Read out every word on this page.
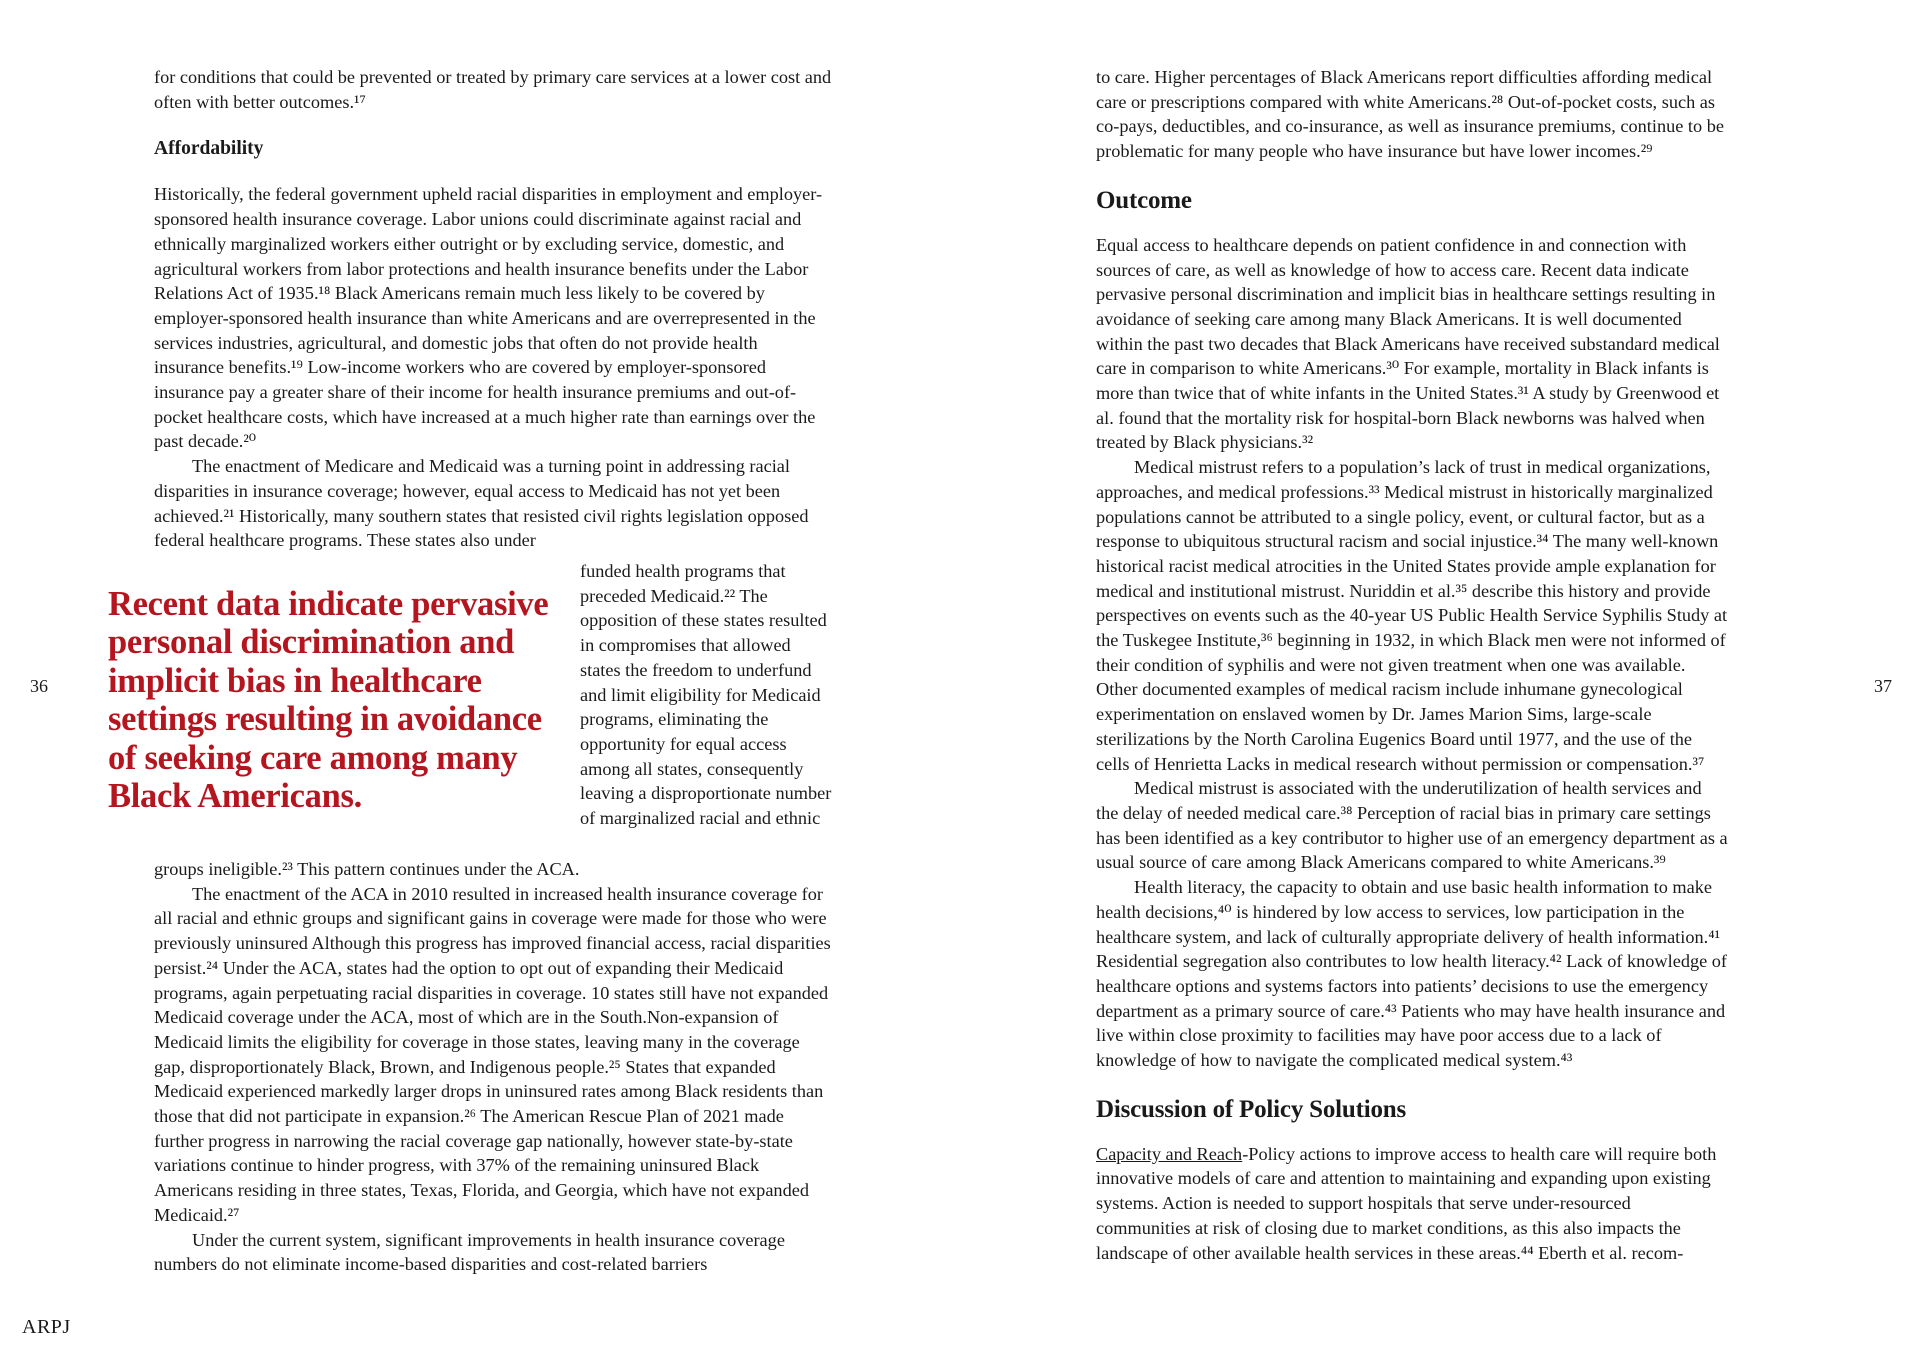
for conditions that could be prevented or treated by primary care services at a lower cost and often with better outcomes.¹⁷

Affordability

Historically, the federal government upheld racial disparities in employment and employer-sponsored health insurance coverage. Labor unions could discriminate against racial and ethnically marginalized workers either outright or by excluding service, domestic, and agricultural workers from labor protections and health insurance benefits under the Labor Relations Act of 1935.¹⁸ Black Americans remain much less likely to be covered by employer-sponsored health insurance than white Americans and are overrepresented in the services industries, agricultural, and domestic jobs that often do not provide health insurance benefits.¹⁹ Low-income workers who are covered by employer-sponsored insurance pay a greater share of their income for health insurance premiums and out-of-pocket healthcare costs, which have increased at a much higher rate than earnings over the past decade.²⁰

The enactment of Medicare and Medicaid was a turning point in addressing racial disparities in insurance coverage; however, equal access to Medicaid has not yet been achieved.²¹ Historically, many southern states that resisted civil rights legislation opposed federal healthcare programs. These states also under

funded health programs that preceded Medicaid.²² The opposition of these states resulted in compromises that allowed states the freedom to underfund and limit eligibility for Medicaid programs, eliminating the opportunity for equal access among all states, consequently leaving a disproportionate number of marginalized racial and ethnic

Recent data indicate pervasive personal discrimination and implicit bias in healthcare settings resulting in avoidance of seeking care among many Black Americans.

groups ineligible.²³ This pattern continues under the ACA.

The enactment of the ACA in 2010 resulted in increased health insurance coverage for all racial and ethnic groups and significant gains in coverage were made for those who were previously uninsured Although this progress has improved financial access, racial disparities persist.²⁴ Under the ACA, states had the option to opt out of expanding their Medicaid programs, again perpetuating racial disparities in coverage. 10 states still have not expanded Medicaid coverage under the ACA, most of which are in the South.Non-expansion of Medicaid limits the eligibility for coverage in those states, leaving many in the coverage gap, disproportionately Black, Brown, and Indigenous people.²⁵ States that expanded Medicaid experienced markedly larger drops in uninsured rates among Black residents than those that did not participate in expansion.²⁶ The American Rescue Plan of 2021 made further progress in narrowing the racial coverage gap nationally, however state-by-state variations continue to hinder progress, with 37% of the remaining uninsured Black Americans residing in three states, Texas, Florida, and Georgia, which have not expanded Medicaid.²⁷

Under the current system, significant improvements in health insurance coverage numbers do not eliminate income-based disparities and cost-related barriers

36
ARPJ

to care. Higher percentages of Black Americans report difficulties affording medical care or prescriptions compared with white Americans.²⁸ Out-of-pocket costs, such as co-pays, deductibles, and co-insurance, as well as insurance premiums, continue to be problematic for many people who have insurance but have lower incomes.²⁹

Outcome

Equal access to healthcare depends on patient confidence in and connection with sources of care, as well as knowledge of how to access care. Recent data indicate pervasive personal discrimination and implicit bias in healthcare settings resulting in avoidance of seeking care among many Black Americans. It is well documented within the past two decades that Black Americans have received substandard medical care in comparison to white Americans.³⁰ For example, mortality in Black infants is more than twice that of white infants in the United States.³¹ A study by Greenwood et al. found that the mortality risk for hospital-born Black newborns was halved when treated by Black physicians.³²

Medical mistrust refers to a population’s lack of trust in medical organizations, approaches, and medical professions.³³ Medical mistrust in historically marginalized populations cannot be attributed to a single policy, event, or cultural factor, but as a response to ubiquitous structural racism and social injustice.³⁴ The many well-known historical racist medical atrocities in the United States provide ample explanation for medical and institutional mistrust. Nuriddin et al.³⁵ describe this history and provide perspectives on events such as the 40-year US Public Health Service Syphilis Study at the Tuskegee Institute,³⁶ beginning in 1932, in which Black men were not informed of their condition of syphilis and were not given treatment when one was available. Other documented examples of medical racism include inhumane gynecological experimentation on enslaved women by Dr. James Marion Sims, large-scale sterilizations by the North Carolina Eugenics Board until 1977, and the use of the cells of Henrietta Lacks in medical research without permission or compensation.³⁷

Medical mistrust is associated with the underutilization of health services and the delay of needed medical care.³⁸ Perception of racial bias in primary care settings has been identified as a key contributor to higher use of an emergency department as a usual source of care among Black Americans compared to white Americans.³⁹

Health literacy, the capacity to obtain and use basic health information to make health decisions,⁴⁰ is hindered by low access to services, low participation in the healthcare system, and lack of culturally appropriate delivery of health information.⁴¹ Residential segregation also contributes to low health literacy.⁴² Lack of knowledge of healthcare options and systems factors into patients’ decisions to use the emergency department as a primary source of care.⁴³ Patients who may have health insurance and live within close proximity to facilities may have poor access due to a lack of knowledge of how to navigate the complicated medical system.⁴³

Discussion of Policy Solutions

Capacity and Reach-Policy actions to improve access to health care will require both innovative models of care and attention to maintaining and expanding upon existing systems. Action is needed to support hospitals that serve under-resourced communities at risk of closing due to market conditions, as this also impacts the landscape of other available health services in these areas.⁴⁴ Eberth et al. recom-

37
